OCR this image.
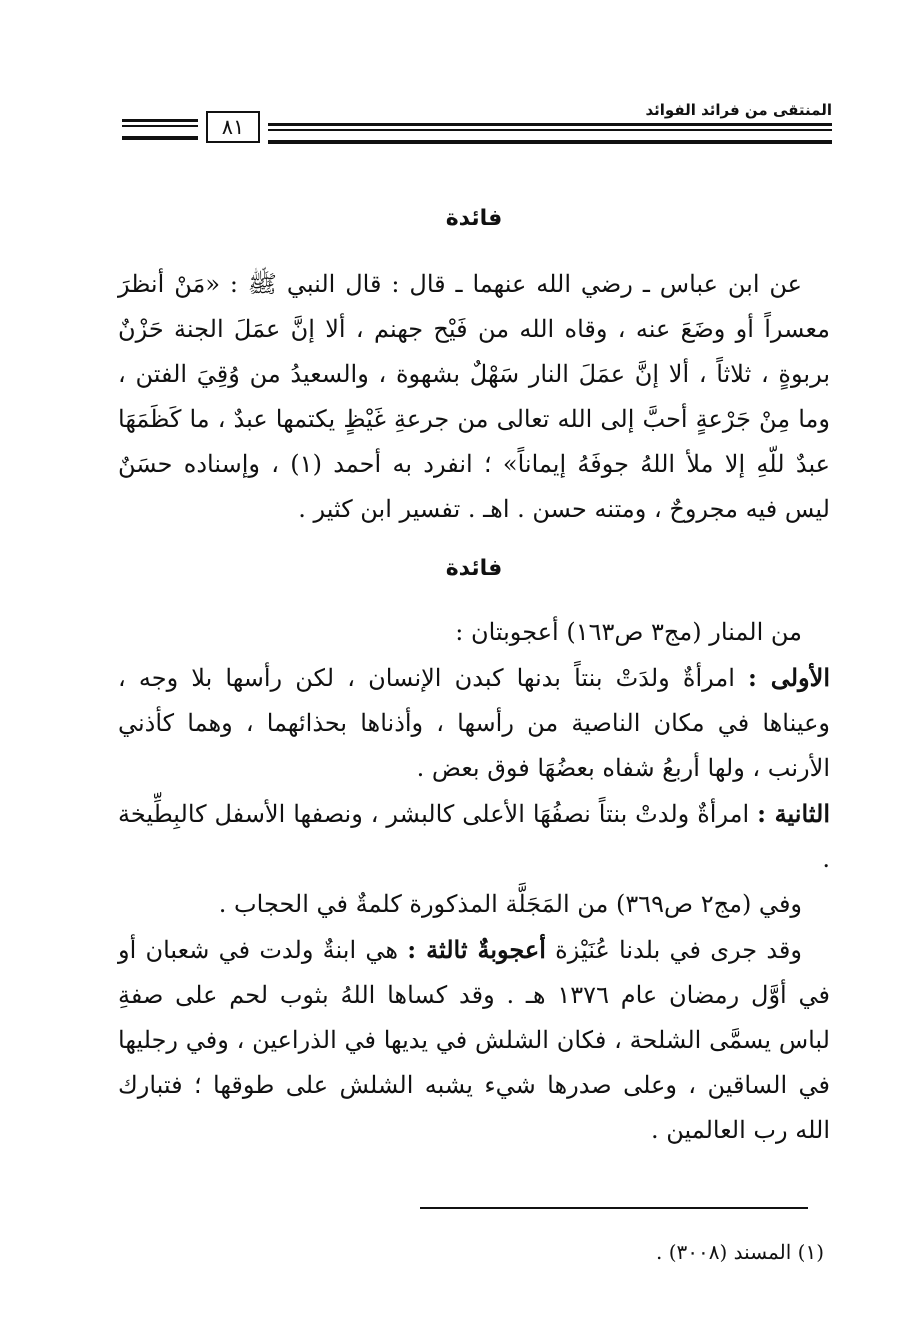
٨١
المنتقى من فرائد الفوائد
فائدة

عن ابن عباس ـ رضي الله عنهما ـ قال : قال النبي ﷺ : «مَنْ أنظرَ معسراً أو وضَعَ عنه ، وقاه الله من فَيْح جهنم ، ألا إنَّ عمَلَ الجنة حَزْنٌ بربوةٍ ، ثلاثاً ، ألا إنَّ عمَلَ النار سَهْلٌ بشهوة ، والسعيدُ من وُقِيَ الفتن ، وما مِنْ جَرْعةٍ أحبَّ إلى الله تعالى من جرعةِ غَيْظٍ يكتمها عبدٌ ، ما كَظَمَهَا عبدٌ للّهِ إلا ملأ اللهُ جوفَهُ إيماناً» ؛ انفرد به أحمد (١) ، وإسناده حسَنٌ ليس فيه مجروحٌ ، ومتنه حسن . اهـ . تفسير ابن كثير .

فائدة

من المنار (مج٣ ص١٦٣) أعجوبتان :

الأولى : امرأةٌ ولدَتْ بنتاً بدنها كبدن الإنسان ، لكن رأسها بلا وجه ، وعيناها في مكان الناصية من رأسها ، وأذناها بحذائهما ، وهما كأذني الأرنب ، ولها أربعُ شفاه بعضُهَا فوق بعض .

الثانية : امرأةٌ ولدتْ بنتاً نصفُهَا الأعلى كالبشر ، ونصفها الأسفل كالبِطِّيخة .

وفي (مج٢ ص٣٦٩) من المَجَلَّة المذكورة كلمةٌ في الحجاب .

وقد جرى في بلدنا عُنَيْزة أعجوبةٌ ثالثة : هي ابنةٌ ولدت في شعبان أو في أوَّل رمضان عام ١٣٧٦ هـ . وقد كساها اللهُ بثوب لحم على صفةِ لباس يسمَّى الشلحة ، فكان الشلش في يديها في الذراعين ، وفي رجليها في الساقين ، وعلى صدرها شيء يشبه الشلش على طوقها ؛ فتبارك الله رب العالمين .

(١) المسند (٣٠٠٨) .
